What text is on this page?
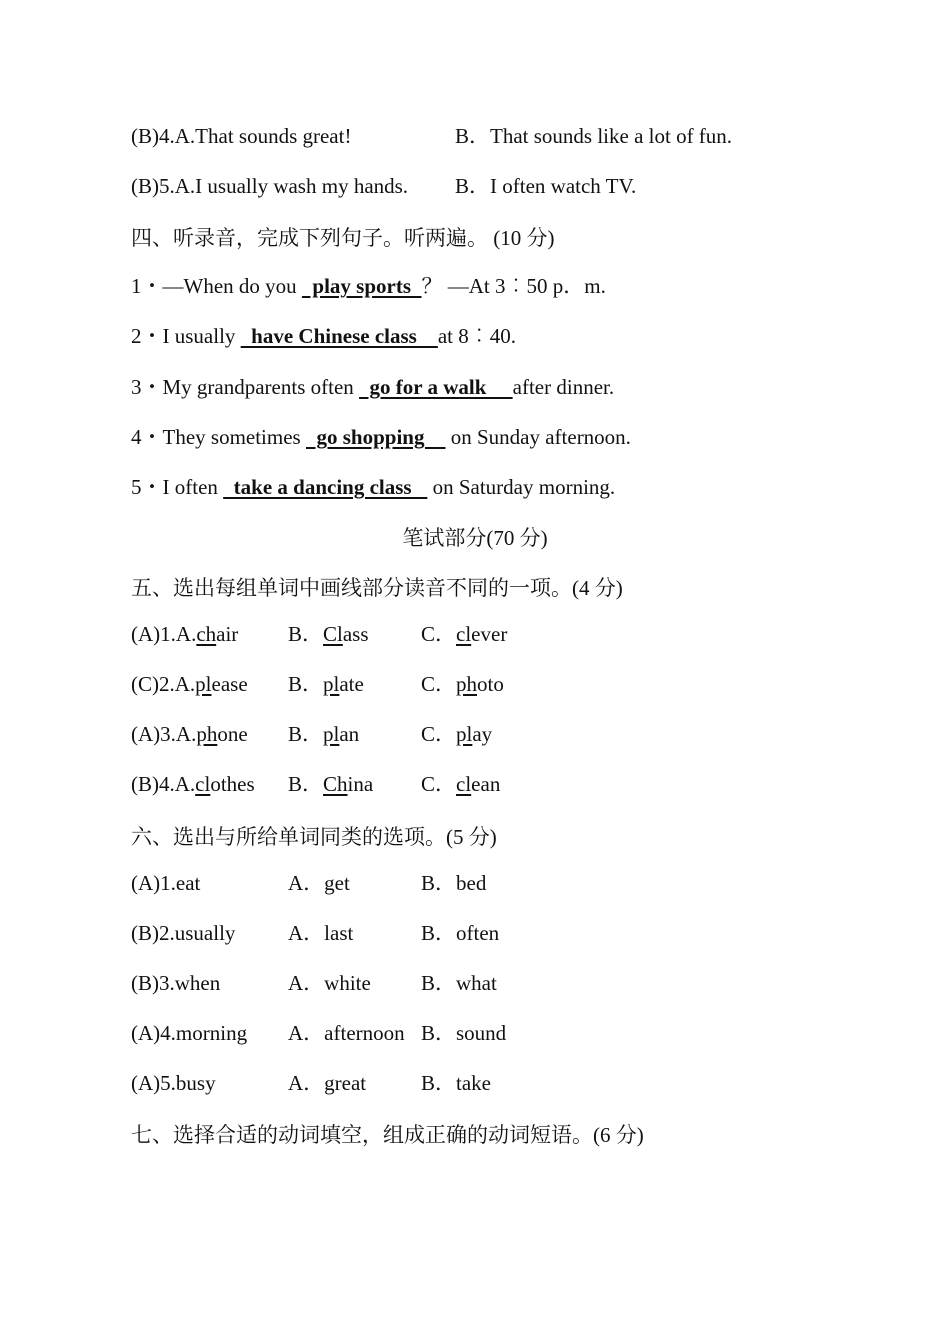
(B)4.A.That sounds great!	B．That sounds like a lot of fun.
(B)5.A.I usually wash my hands. B．I often watch TV.
四、听录音，完成下列句子。听两遍。 (10 分)
1・—When do you   play sports  ？ —At 3︰50 p．m.
2・I usually   have Chinese class    at 8︰40.
3・My grandparents often   go for a walk     after dinner.
4・They sometimes   go shopping     on Sunday afternoon.
5・I often   take a dancing class    on Saturday morning.
笔试部分(70 分)
五、选出每组单词中画线部分读音不同的一项。(4 分)
(A)1.A.chair B．Class C．clever
(C)2.A.please B．plate	C．photo
(A)3.A.phone B．plan	C．play
(B)4.A.clothes B．China C．clean
六、选出与所给单词同类的选项。(5 分)
(A)1.eat	A．get	B．bed
(B)2.usually	A．last	B．often
(B)3.when	A．white B．what
(A)4.morning A．afternoon B．sound
(A)5.busy	A．great	B．take
七、选择合适的动词填空，组成正确的动词短语。(6 分)
